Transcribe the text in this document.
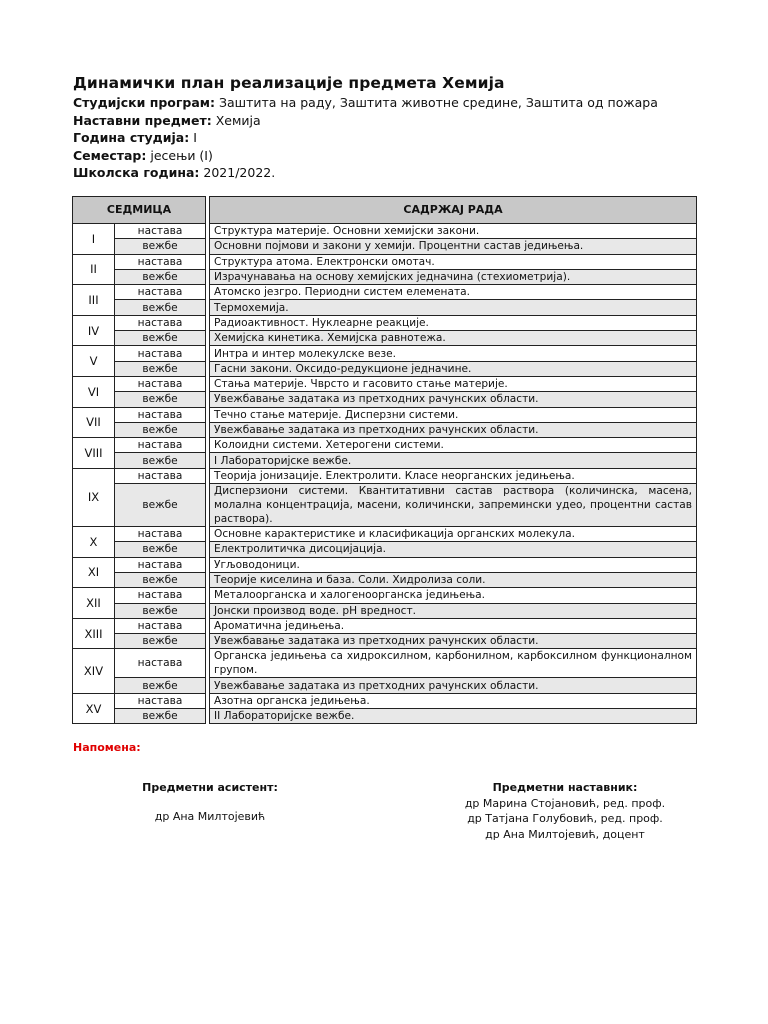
Динамички план реализације предмета Хемија
Студијски програм: Заштита на раду, Заштита животне средине, Заштита од пожара
Наставни предмет: Хемија
Година студија: I
Семестар: јесењи (I)
Школска година: 2021/2022.
СЕДМИЦА			САДРЖАЈ РАДА
I	настава		Структура материје. Основни хемијски закони.
	вежбе		Основни појмови и закони у хемији. Процентни састав једињења.
II	настава		Структура атома. Електронски омотач.
	вежбе		Израчунавања на основу хемијских једначина (стехиометрија).
III	настава		Атомско језгро. Периодни систем елемената.
	вежбе		Термохемија.
IV	настава		Радиоактивност. Нуклеарне реакције.
	вежбе		Хемијска кинетика. Хемијска равнотежа.
V	настава		Интра и интер молекулске везе.
	вежбе		Гасни закони. Оксидо-редукционе једначине.
VI	настава		Стања материје. Чврсто и гасовито стање материје.
	вежбе		Увежбавање задатака из претходних рачунских области.
VII	настава		Течно стање материје. Дисперзни системи.
	вежбе		Увежбавање задатака из претходних рачунских области.
VIII	настава		Колоидни системи. Хетерогени системи.
	вежбе		I Лабораторијске вежбе.
IX	настава		Теорија јонизације. Електролити. Класе неорганских једињења.
	вежбе		Дисперзиони системи. Квантитативни састав раствора (количинска, масена, молална концентрација, масени, количински, запремински удео, процентни састав раствора).
X	настава		Основне карактеристике и класификација органских молекула.
	вежбе		Електролитичка дисоцијација.
XI	настава		Угљоводоници.
	вежбе		Теорије киселина и база. Соли. Хидролиза соли.
XII	настава		Металоорганска и халогеноорганска једињења.
	вежбе		Јонски производ воде. pH вредност.
XIII	настава		Ароматична једињења.
	вежбе		Увежбавање задатака из претходних рачунских области.
XIV	настава		Органска једињења са хидроксилном, карбонилном, карбоксилном функционалном групом.
	вежбе		Увежбавање задатака из претходних рачунских области.
XV	настава		Азотна органска једињења.
	вежбе		II Лабораторијске вежбе.
Напомена:
Предметни асистент:
др Ана Милтојевић
Предметни наставник:
др Марина Стојановић, ред. проф.
др Татјана Голубовић, ред. проф.
др Ана Милтојевић, доцент
